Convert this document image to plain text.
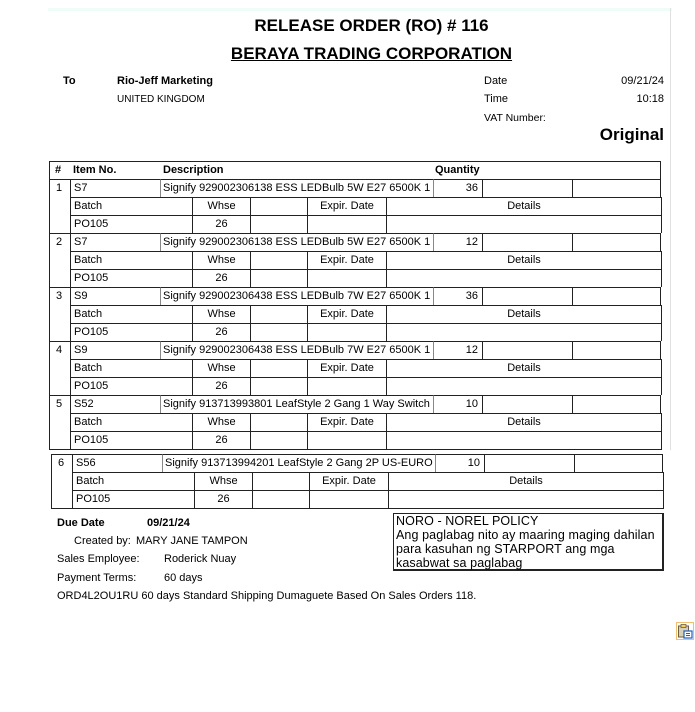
RELEASE ORDER (RO) # 116
BERAYA TRADING CORPORATION
To	Rio-Jeff Marketing
UNITED KINGDOM
Date	09/21/24
Time	10:18
VAT Number:
Original
#	Item No.	Description	Quantity
1	S7	Signify 929002306138 ESS LEDBulb 5W E27 6500K 1	36
Batch	Whse	Expir. Date	Details
PO105	26
2	S7	Signify 929002306138 ESS LEDBulb 5W E27 6500K 1	12
Batch	Whse	Expir. Date	Details
PO105	26
3	S9	Signify 929002306438 ESS LEDBulb 7W E27 6500K 1	36
Batch	Whse	Expir. Date	Details
PO105	26
4	S9	Signify 929002306438 ESS LEDBulb 7W E27 6500K 1	12
Batch	Whse	Expir. Date	Details
PO105	26
5	S52	Signify 913713993801 LeafStyle 2 Gang 1 Way Switch	10
Batch	Whse	Expir. Date	Details
PO105	26
6	S56	Signify 913713994201 LeafStyle 2 Gang 2P US-EURO	10
Batch	Whse	Expir. Date	Details
PO105	26
Due Date	09/21/24
Created by: MARY JANE TAMPON
Sales Employee: Roderick Nuay
Payment Terms:	60 days
ORD4L2OU1RU 60 days Standard Shipping Dumaguete Based On Sales Orders 118.
NORO - NOREL POLICY
Ang paglabag nito ay maaring maging dahilan
para kasuhan ng STARPORT ang mga
kasabwat sa paglabag
